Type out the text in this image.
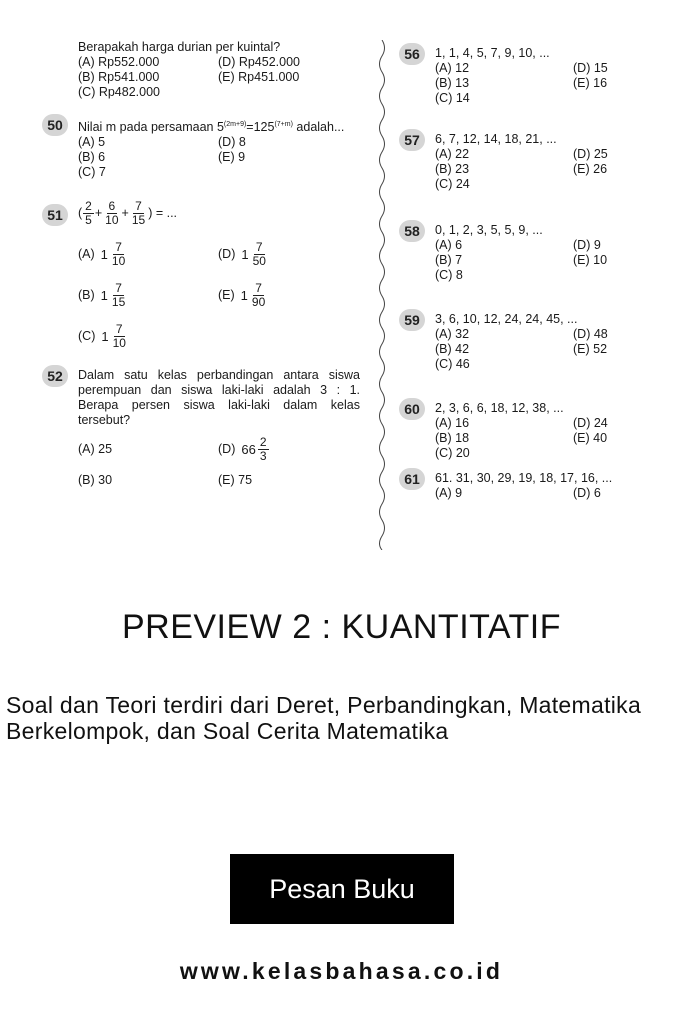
Berapakah harga durian per kuintal?
(A) Rp552.000	(D) Rp452.000
(B) Rp541.000	(E) Rp451.000
(C) Rp482.000
50	Nilai m pada persamaan $5^{(2m+9)}=125^{(7+m)}$ adalah...
(A) 5	(D) 8
(B) 6	(E) 9
(C) 7
51	( $\frac{2}{5} + \frac{6}{10} + \frac{7}{15}$ ) = ...
(A) $1 \frac{7}{10}$	(D) $1 \frac{7}{50}$
(B) $1 \frac{7}{15}$	(E) $1 \frac{7}{90}$
(C) $1 \frac{7}{10}$
52	Dalam satu kelas perbandingan antara siswa perempuan dan siswa laki-laki adalah 3 : 1. Berapa persen siswa laki-laki dalam kelas tersebut?
(A) 25	(D) $66 \frac{2}{3}$
(B) 30	(E) 75
56	1, 1, 4, 5, 7, 9, 10, ...
(A) 12	(D) 15
(B) 13	(E) 16
(C) 14
57	6, 7, 12, 14, 18, 21, ...
(A) 22	(D) 25
(B) 23	(E) 26
(C) 24
58	0, 1, 2, 3, 5, 5, 9, ...
(A) 6	(D) 9
(B) 7	(E) 10
(C) 8
59	3, 6, 10, 12, 24, 24, 45, ...
(A) 32	(D) 48
(B) 42	(E) 52
(C) 46
60	2, 3, 6, 6, 18, 12, 38, ...
(A) 16	(D) 24
(B) 18	(E) 40
(C) 20
61	61. 31, 30, 29, 19, 18, 17, 16, ...
(A) 9	(D) 6
PREVIEW 2 : KUANTITATIF
Soal dan Teori terdiri dari Deret, Perbandingkan, Matematika Berkelompok, dan Soal Cerita Matematika
Pesan Buku
www.kelasbahasa.co.id
